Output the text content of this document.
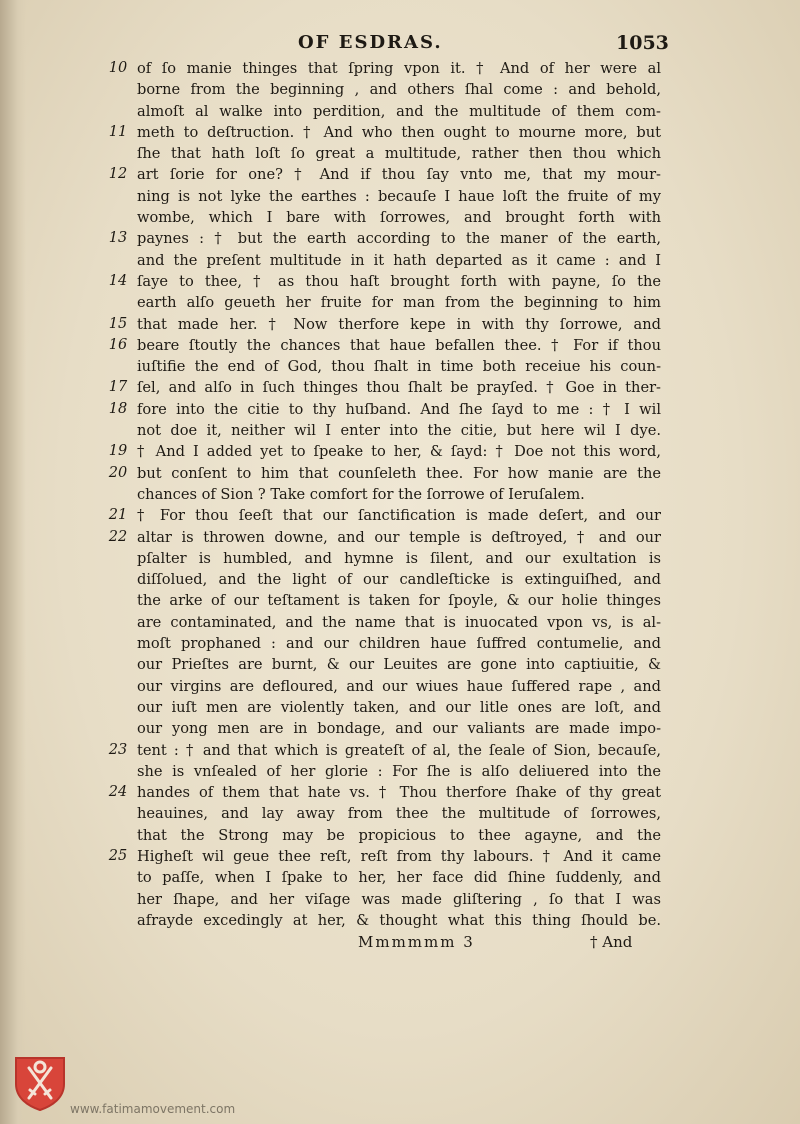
OF ESDRAS.	1053
10 of ſo manie thinges that ſpring vpon it. † And of her were al
borne from the beginning , and others ſhal come : and behold,
almoſt al walke into perdition, and the multitude of them com-
11 meth to deſtruction. † And who then ought to mourne more, but
ſhe that hath loſt ſo great a multitude, rather then thou which
12 art ſorie for one? † And if thou ſay vnto me, that my mour-
ning is not lyke the earthes : becauſe I haue loſt the fruite of my
wombe, which I bare with ſorrowes, and brought forth with
13 paynes : † but the earth according to the maner of the earth,
and the preſent multitude in it hath departed as it came : and I
14 ſaye to thee, † as thou haſt brought forth with payne, ſo the
earth alſo geueth her fruite for man from the beginning to him
15 that made her. † Now therfore kepe in with thy ſorrowe, and
16 beare ſtoutly the chances that haue befallen thee. † For if thou
iuſtifie the end of God, thou ſhalt in time both receiue his coun-
17 ſel, and alſo in ſuch thinges thou ſhalt be prayſed. † Goe in ther-
18 fore into the citie to thy huſband. And ſhe ſayd to me : † I wil
not doe it, neither wil I enter into the citie, but here wil I dye.
19 † And I added yet to ſpeake to her, & ſayd: † Doe not this word,
20 but conſent to him that counſeleth thee. For how manie are the
chances of Sion ? Take comfort for the ſorrowe of Ieruſalem.
21 † For thou ſeeſt that our ſanctification is made deſert, and our
22 altar is throwen downe, and our temple is deſtroyed, † and our
pſalter is humbled, and hymne is ſilent, and our exultation is
diſſolued, and the light of our candleſticke is extinguiſhed, and
the arke of our teſtament is taken for ſpoyle, & our holie thinges
are contaminated, and the name that is inuocated vpon vs, is al-
moſt prophaned : and our children haue ſuffred contumelie, and
our Prieſtes are burnt, & our Leuites are gone into captiuitie, &
our virgins are defloured, and our wiues haue ſuffered rape , and
our iuſt men are violently taken, and our litle ones are loſt, and
our yong men are in bondage, and our valiants are made impo-
23 tent : † and that which is greateſt of al, the ſeale of Sion, becauſe,
she is vnſealed of her glorie : For ſhe is alſo deliuered into the
24 handes of them that hate vs. † Thou therfore ſhake of thy great
heauines, and lay away from thee the multitude of ſorrowes,
that the Strong may be propicious to thee agayne, and the
25 Higheſt wil geue thee reſt, reſt from thy labours. † And it came
to paſſe, when I ſpake to her, her face did ſhine ſuddenly, and
her ſhape, and her viſage was made gliſtering , ſo that I was
afrayde excedingly at her, & thought what this thing ſhould be.
Mmmmmm 3	† And
www.fatimamovement.com
